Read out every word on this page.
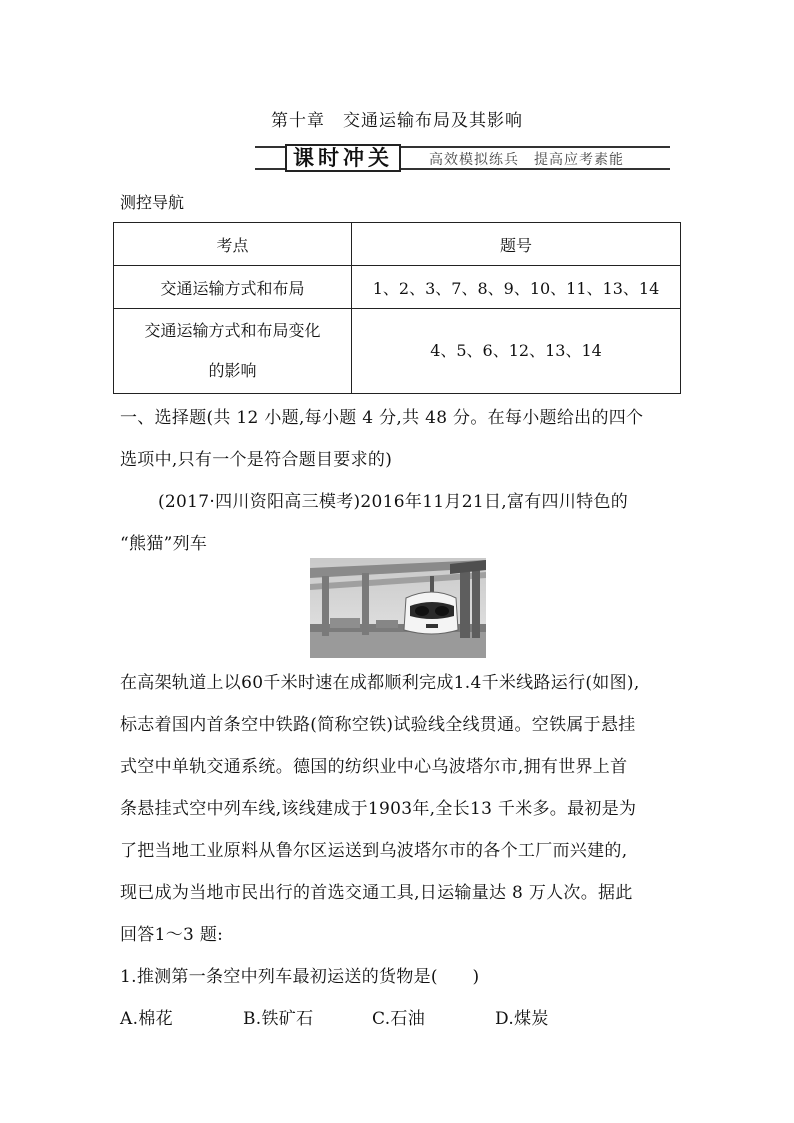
第十章　交通运输布局及其影响
课时冲关	高效模拟练兵　提高应考素能
测控导航
考点	题号
交通运输方式和布局	1、2、3、7、8、9、10、11、13、14

交通运输方式和布局变化
的影响	4、5、6、12、13、14
一、选择题(共 12 小题,每小题 4 分,共 48 分。在每小题给出的四个
选项中,只有一个是符合题目要求的)
(2017·四川资阳高三模考)2016年11月21日,富有四川特色的
“熊猫”列车
在高架轨道上以60千米时速在成都顺利完成1.4千米线路运行(如图),
标志着国内首条空中铁路(简称空铁)试验线全线贯通。空铁属于悬挂
式空中单轨交通系统。德国的纺织业中心乌波塔尔市,拥有世界上首
条悬挂式空中列车线,该线建成于1903年,全长13 千米多。最初是为
了把当地工业原料从鲁尔区运送到乌波塔尔市的各个工厂而兴建的,
现已成为当地市民出行的首选交通工具,日运输量达 8 万人次。据此
回答1～3 题:
1.推测第一条空中列车最初运送的货物是(　　)
A.棉花	B.铁矿石	C.石油	D.煤炭
